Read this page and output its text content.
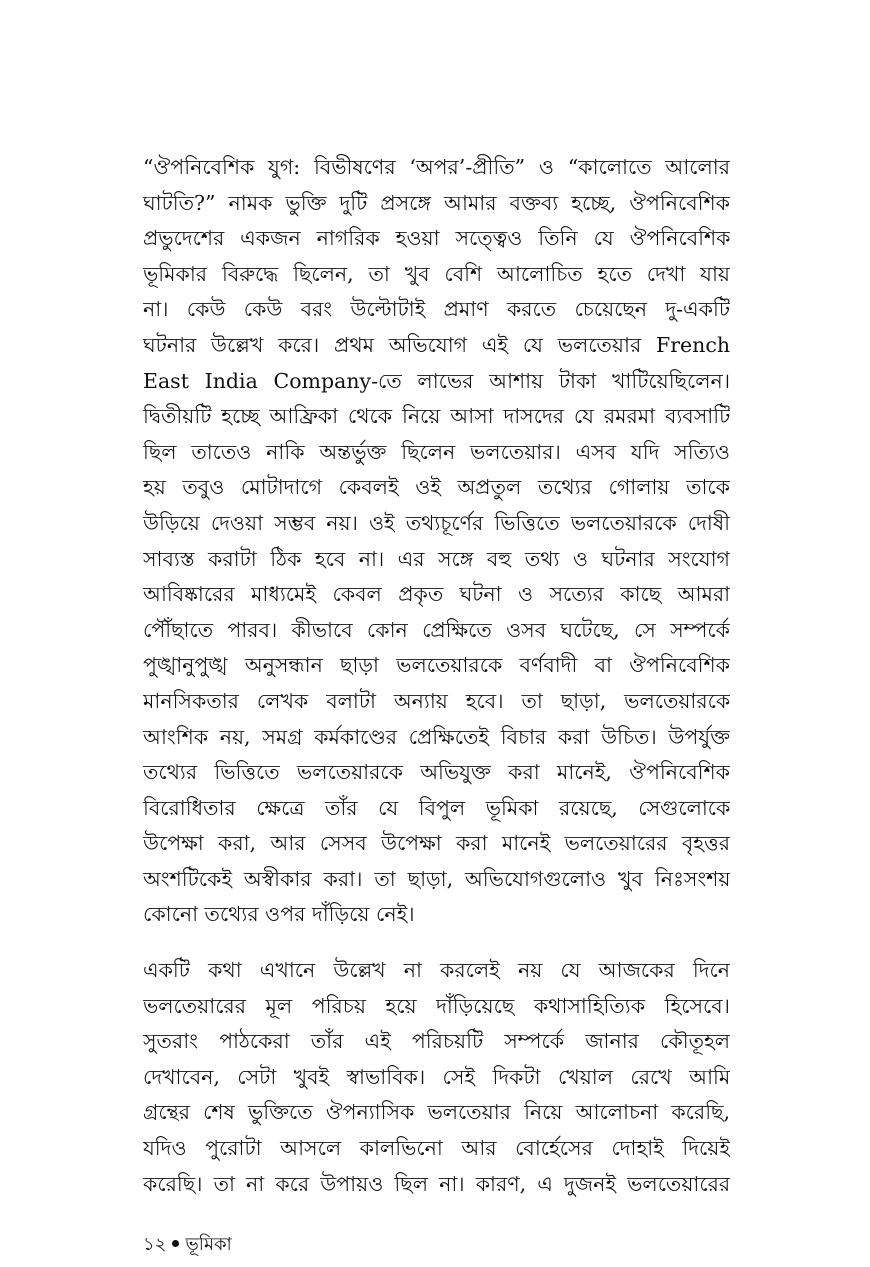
“ঔপনিবেশিক যুগ: বিভীষণের ‘অপর’-প্রীতি” ও “কালোতে আলোর
ঘাটতি?” নামক ভুক্তি দুটি প্রসঙ্গে আমার বক্তব্য হচ্ছে, ঔপনিবেশিক
প্রভুদেশের একজন নাগরিক হওয়া সত্ত্বেও তিনি যে ঔপনিবেশিক
ভূমিকার বিরুদ্ধে ছিলেন, তা খুব বেশি আলোচিত হতে দেখা যায়
না। কেউ কেউ বরং উল্টোটাই প্রমাণ করতে চেয়েছেন দু-একটি
ঘটনার উল্লেখ করে। প্রথম অভিযোগ এই যে ভলতেয়ার French
East India Company-তে লাভের আশায় টাকা খাটিয়েছিলেন।
দ্বিতীয়টি হচ্ছে আফ্রিকা থেকে নিয়ে আসা দাসদের যে রমরমা ব্যবসাটি
ছিল তাতেও নাকি অন্তর্ভুক্ত ছিলেন ভলতেয়ার। এসব যদি সত্যিও
হয় তবুও মোটাদাগে কেবলই ওই অপ্রতুল তথ্যের গোলায় তাকে
উড়িয়ে দেওয়া সম্ভব নয়। ওই তথ্যচূর্ণের ভিত্তিতে ভলতেয়ারকে দোষী
সাব্যস্ত করাটা ঠিক হবে না। এর সঙ্গে বহু তথ্য ও ঘটনার সংযোগ
আবিষ্কারের মাধ্যমেই কেবল প্রকৃত ঘটনা ও সত্যের কাছে আমরা
পৌঁছাতে পারব। কীভাবে কোন প্রেক্ষিতে ওসব ঘটেছে, সে সম্পর্কে
পুঙ্খানুপুঙ্খ অনুসন্ধান ছাড়া ভলতেয়ারকে বর্ণবাদী বা ঔপনিবেশিক
মানসিকতার লেখক বলাটা অন্যায় হবে। তা ছাড়া, ভলতেয়ারকে
আংশিক নয়, সমগ্র কর্মকাণ্ডের প্রেক্ষিতেই বিচার করা উচিত। উপর্যুক্ত
তথ্যের ভিত্তিতে ভলতেয়ারকে অভিযুক্ত করা মানেই, ঔপনিবেশিক
বিরোধিতার ক্ষেত্রে তাঁর যে বিপুল ভূমিকা রয়েছে, সেগুলোকে
উপেক্ষা করা, আর সেসব উপেক্ষা করা মানেই ভলতেয়ারের বৃহত্তর
অংশটিকেই অস্বীকার করা। তা ছাড়া, অভিযোগগুলোও খুব নিঃসংশয়
কোনো তথ্যের ওপর দাঁড়িয়ে নেই।

একটি কথা এখানে উল্লেখ না করলেই নয় যে আজকের দিনে
ভলতেয়ারের মূল পরিচয় হয়ে দাঁড়িয়েছে কথাসাহিত্যিক হিসেবে।
সুতরাং পাঠকেরা তাঁর এই পরিচয়টি সম্পর্কে জানার কৌতূহল
দেখাবেন, সেটা খুবই স্বাভাবিক। সেই দিকটা খেয়াল রেখে আমি
গ্রন্থের শেষ ভুক্তিতে ঔপন্যাসিক ভলতেয়ার নিয়ে আলোচনা করেছি,
যদিও পুরোটা আসলে কালভিনো আর বোর্হেসের দোহাই দিয়েই
করেছি। তা না করে উপায়ও ছিল না। কারণ, এ দুজনই ভলতেয়ারের

১২ ভূমিকা
